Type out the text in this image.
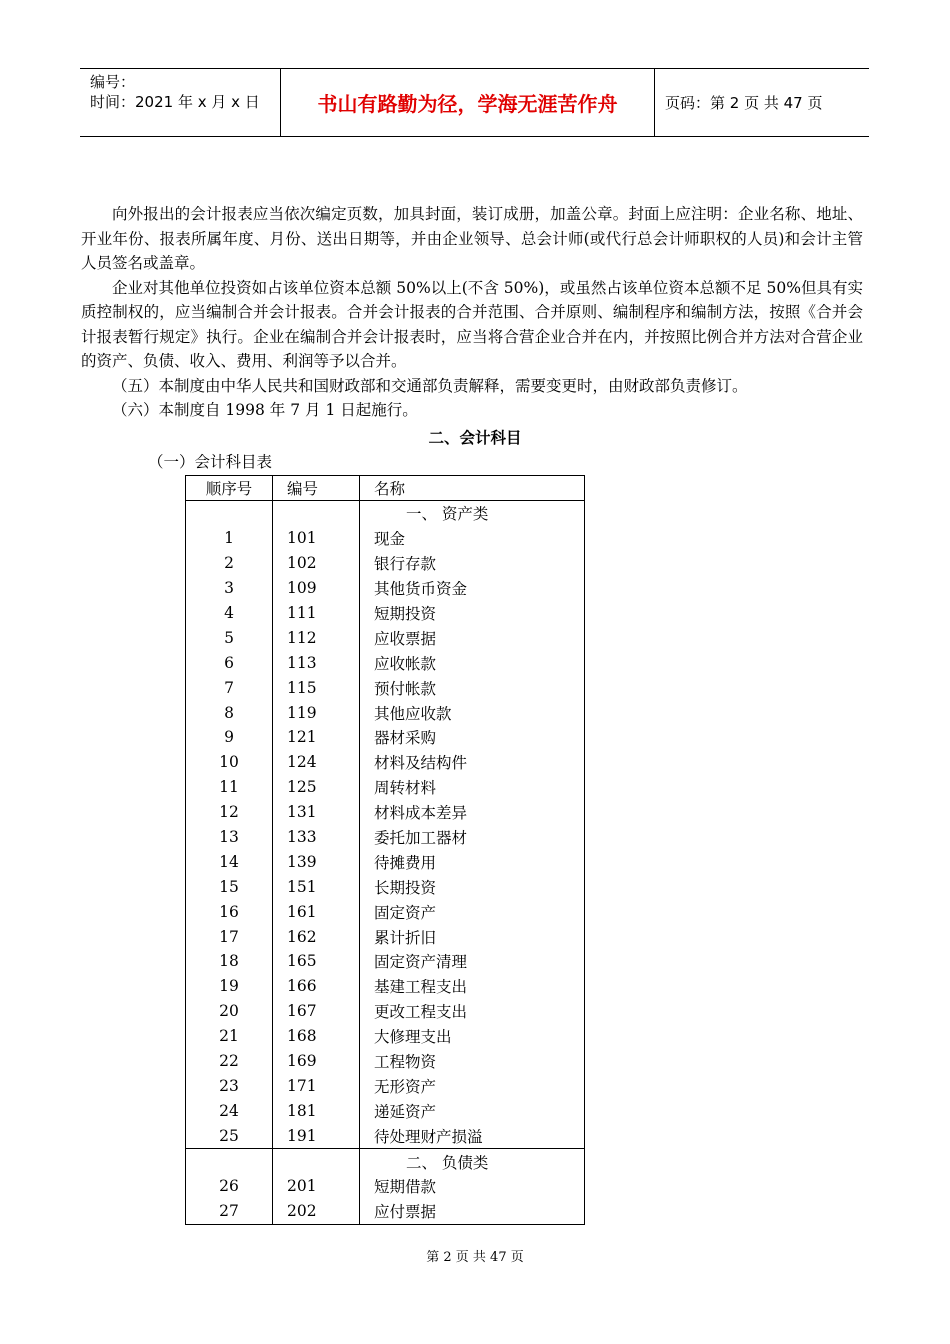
编号：
时间：2021 年 x 月 x 日	书山有路勤为径，学海无涯苦作舟	页码：第 2 页 共 47 页

向外报出的会计报表应当依次编定页数，加具封面，装订成册，加盖公章。封面上应注明：企业名称、地址、开业年份、报表所属年度、月份、送出日期等，并由企业领导、总会计师(或代行总会计师职权的人员)和会计主管人员签名或盖章。

企业对其他单位投资如占该单位资本总额 50%以上(不含 50%)，或虽然占该单位资本总额不足 50%但具有实质控制权的，应当编制合并会计报表。合并会计报表的合并范围、合并原则、编制程序和编制方法，按照《合并会计报表暂行规定》执行。企业在编制合并会计报表时，应当将合营企业合并在内，并按照比例合并方法对合营企业的资产、负债、收入、费用、利润等予以合并。

（五）本制度由中华人民共和国财政部和交通部负责解释，需要变更时，由财政部负责修订。

（六）本制度自 1998 年 7 月 1 日起施行。

二、会计科目
（一）会计科目表
顺序号	编号	名称
		一、 资产类
1	101	现金
2	102	银行存款
3	109	其他货币资金
4	111	短期投资
5	112	应收票据
6	113	应收帐款
7	115	预付帐款
8	119	其他应收款
9	121	器材采购
10	124	材料及结构件
11	125	周转材料
12	131	材料成本差异
13	133	委托加工器材
14	139	待摊费用
15	151	长期投资
16	161	固定资产
17	162	累计折旧
18	165	固定资产清理
19	166	基建工程支出
20	167	更改工程支出
21	168	大修理支出
22	169	工程物资
23	171	无形资产
24	181	递延资产
25	191	待处理财产损溢
		二、 负债类
26	201	短期借款
27	202	应付票据
第 2 页 共 47 页
